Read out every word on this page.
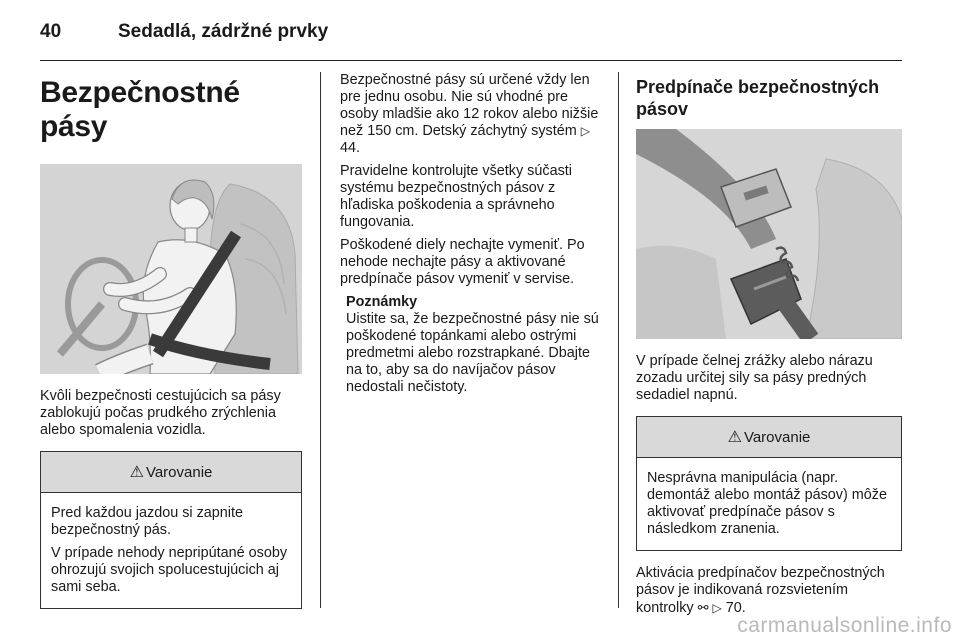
40	Sedadlá, zádržné prvky
Bezpečnostné pásy

Kvôli bezpečnosti cestujúcich sa pásy zablokujú počas prudkého zrýchlenia alebo spomalenia vozidla.

⚠ Varovanie

Pred každou jazdou si zapnite bezpečnostný pás.

V prípade nehody nepripútané osoby ohrozujú svojich spolucestujúcich aj sami seba.

Bezpečnostné pásy sú určené vždy len pre jednu osobu. Nie sú vhodné pre osoby mladšie ako 12 rokov alebo nižšie než 150 cm. Detský záchytný systém ▷ 44.

Pravidelne kontrolujte všetky súčasti systému bezpečnostných pásov z hľadiska poškodenia a správneho fungovania.

Poškodené diely nechajte vymeniť. Po nehode nechajte pásy a aktivované predpínače pásov vymeniť v servise.

Poznámky

Uistite sa, že bezpečnostné pásy nie sú poškodené topánkami alebo ostrými predmetmi alebo rozstrapkané. Dbajte na to, aby sa do navíjačov pásov nedostali nečistoty.

Predpínače bezpečnostných pásov

V prípade čelnej zrážky alebo nárazu zozadu určitej sily sa pásy predných sedadiel napnú.

⚠ Varovanie

Nesprávna manipulácia (napr. demontáž alebo montáž pásov) môže aktivovať predpínače pásov s následkom zranenia.

Aktivácia predpínačov bezpečnostných pásov je indikovaná rozsvietením kontrolky ⚯ ▷ 70.

carmanualsonline.info
